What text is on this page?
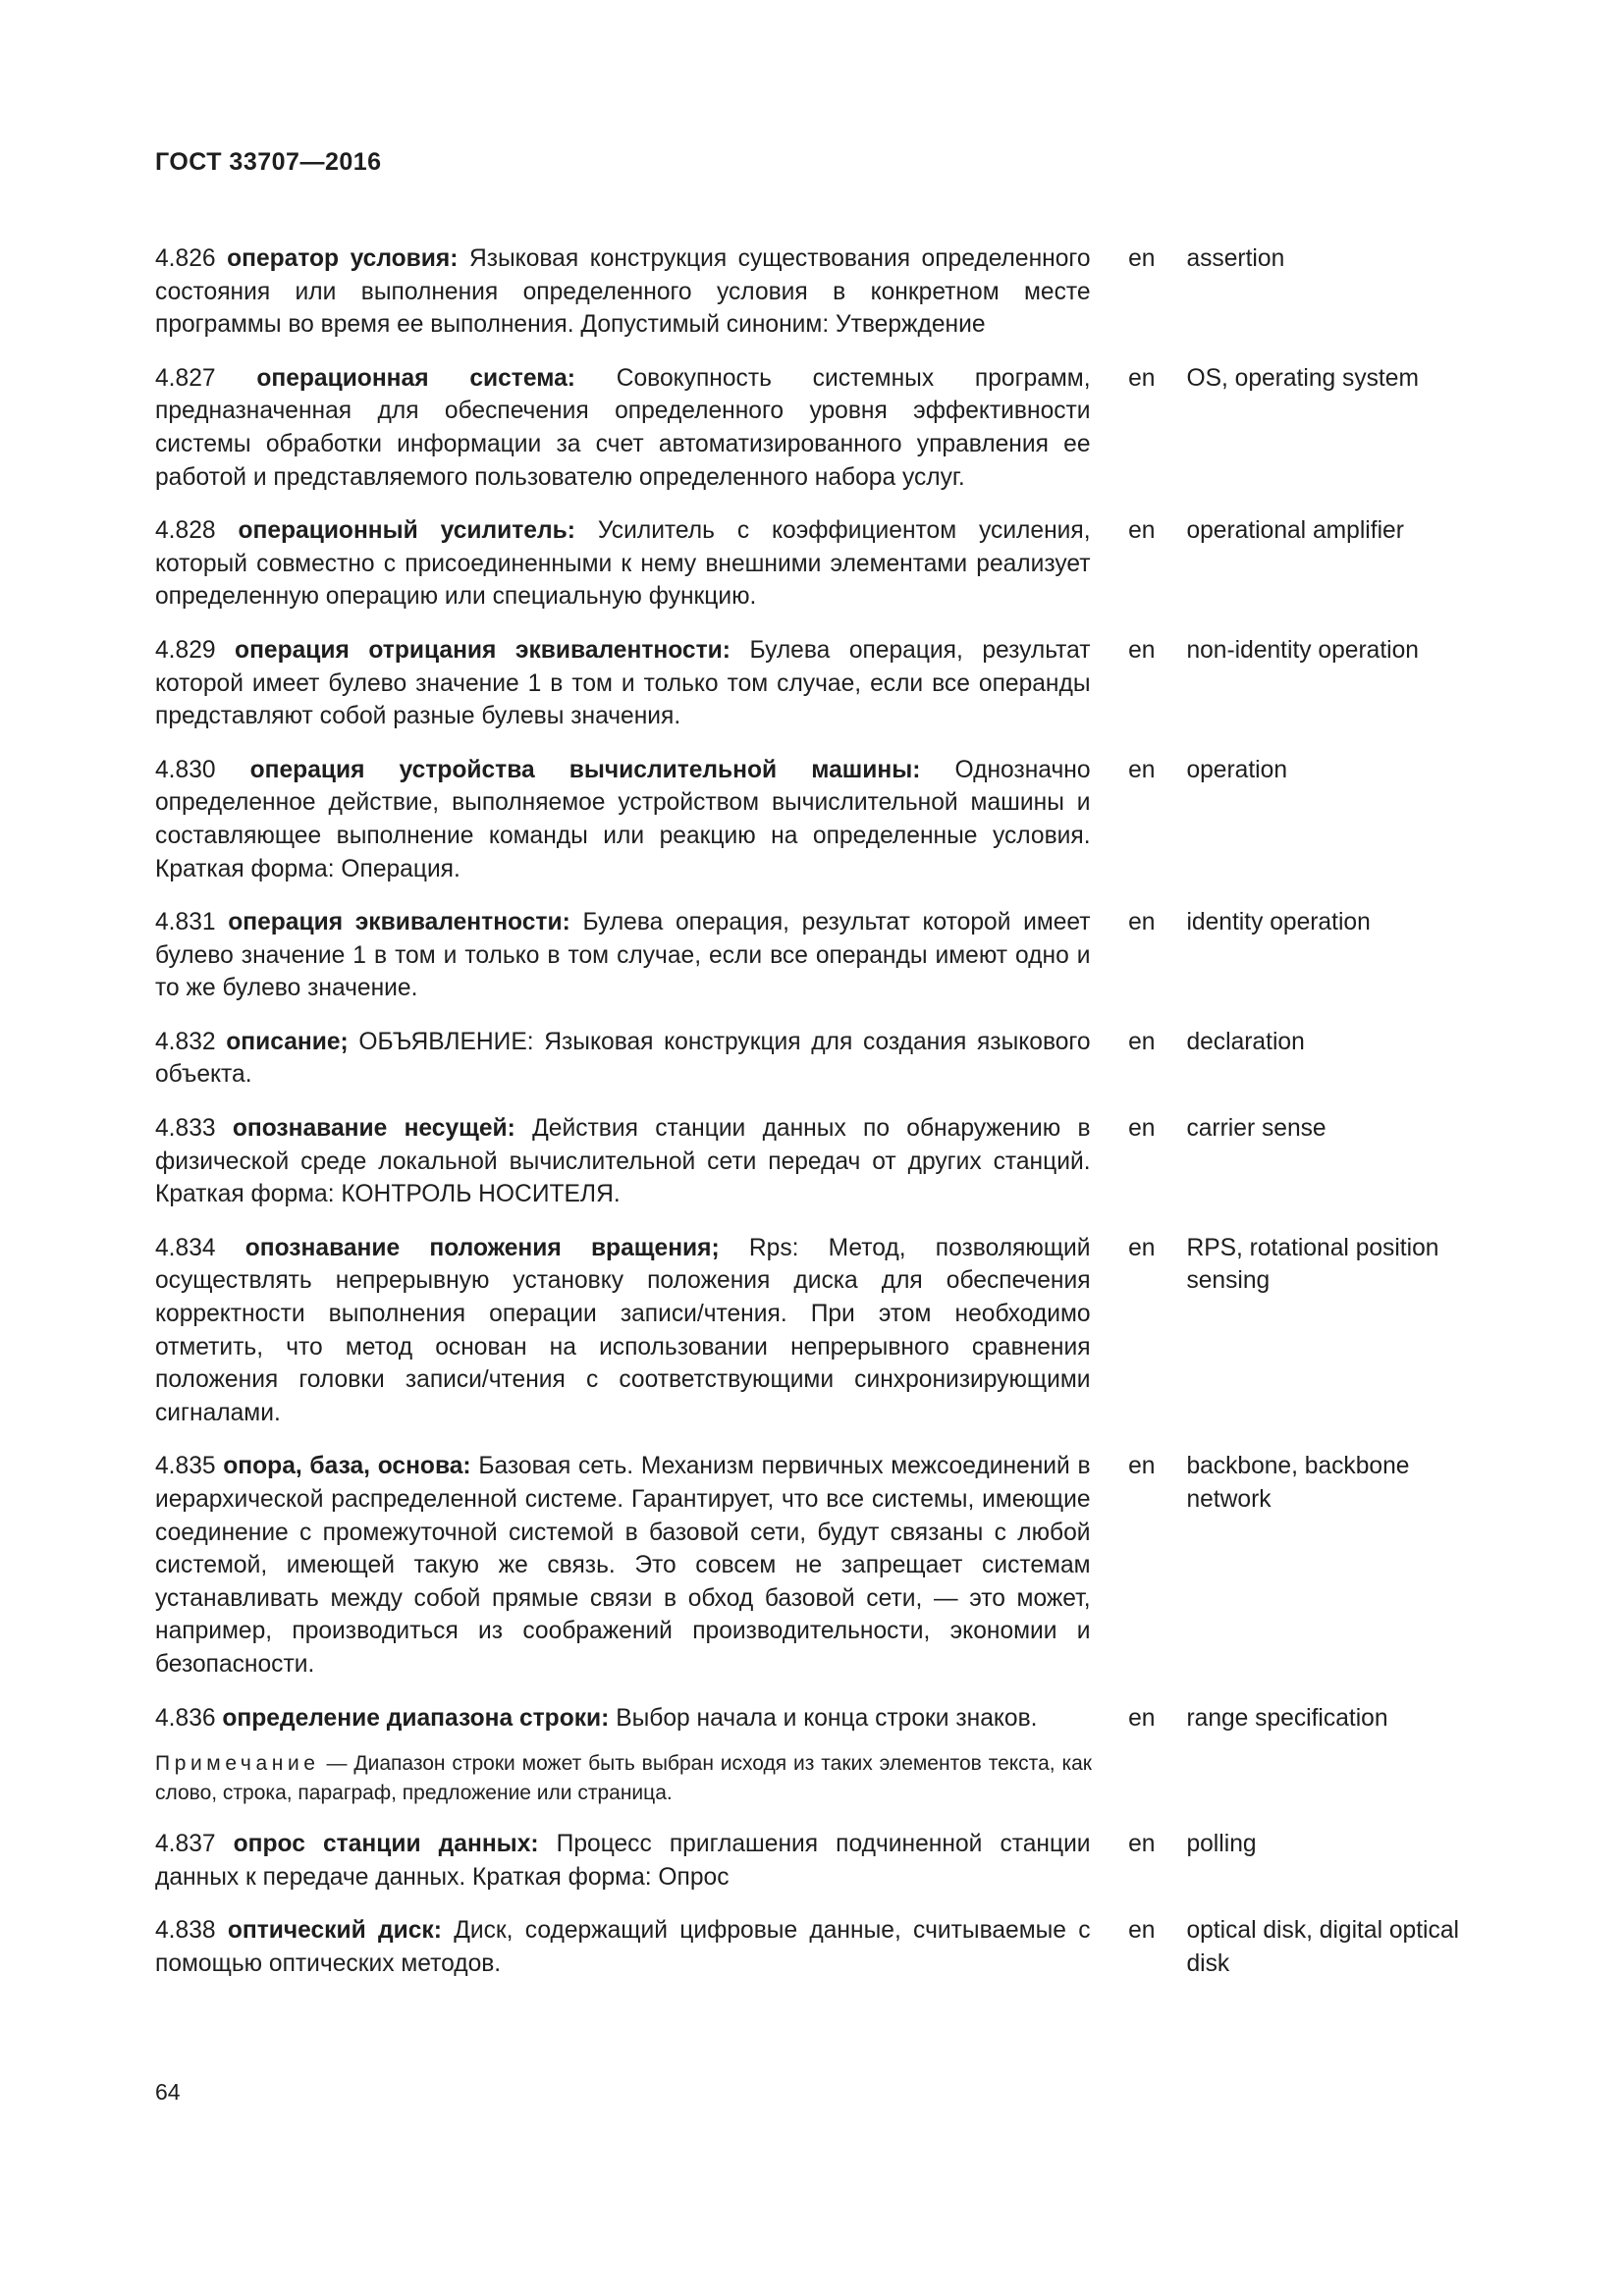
ГОСТ 33707—2016
4.826 оператор условия: Языковая конструкция существования определенного состояния или выполнения определенного условия в конкретном месте программы во время ее выполнения. Допустимый синоним: Утверждение
en assertion
4.827 операционная система: Совокупность системных программ, предназначенная для обеспечения определенного уровня эффективности системы обработки информации за счет автоматизированного управления ее работой и представляемого пользователю определенного набора услуг.
en OS, operating system
4.828 операционный усилитель: Усилитель с коэффициентом усиления, который совместно с присоединенными к нему внешними элементами реализует определенную операцию или специальную функцию.
en operational amplifier
4.829 операция отрицания эквивалентности: Булева операция, результат которой имеет булево значение 1 в том и только том случае, если все операнды представляют собой разные булевы значения.
en non-identity operation
4.830 операция устройства вычислительной машины: Однозначно определенное действие, выполняемое устройством вычислительной машины и составляющее выполнение команды или реакцию на определенные условия. Краткая форма: Операция.
en operation
4.831 операция эквивалентности: Булева операция, результат которой имеет булево значение 1 в том и только в том случае, если все операнды имеют одно и то же булево значение.
en identity operation
4.832 описание; ОБЪЯВЛЕНИЕ: Языковая конструкция для создания языкового объекта.
en declaration
4.833 опознавание несущей: Действия станции данных по обнаружению в физической среде локальной вычислительной сети передач от других станций. Краткая форма: КОНТРОЛЬ НОСИТЕЛЯ.
en carrier sense
4.834 опознавание положения вращения; Rps: Метод, позволяющий осуществлять непрерывную установку положения диска для обеспечения корректности выполнения операции записи/чтения. При этом необходимо отметить, что метод основан на использовании непрерывного сравнения положения головки записи/чтения с соответствующими синхронизирующими сигналами.
en RPS, rotational position sensing
4.835 опора, база, основа: Базовая сеть. Механизм первичных межсоединений в иерархической распределенной системе. Гарантирует, что все системы, имеющие соединение с промежуточной системой в базовой сети, будут связаны с любой системой, имеющей такую же связь. Это совсем не запрещает системам устанавливать между собой прямые связи в обход базовой сети, — это может, например, производиться из соображений производительности, экономии и безопасности.
en backbone, backbone network
4.836 определение диапазона строки: Выбор начала и конца строки знаков.	en range specification
Примечание — Диапазон строки может быть выбран исходя из таких элементов текста, как слово, строка, параграф, предложение или страница.
4.837 опрос станции данных: Процесс приглашения подчиненной станции данных к передаче данных. Краткая форма: Опрос
en polling
4.838 оптический диск: Диск, содержащий цифровые данные, считываемые с помощью оптических методов.
en optical disk, digital optical disk
64
